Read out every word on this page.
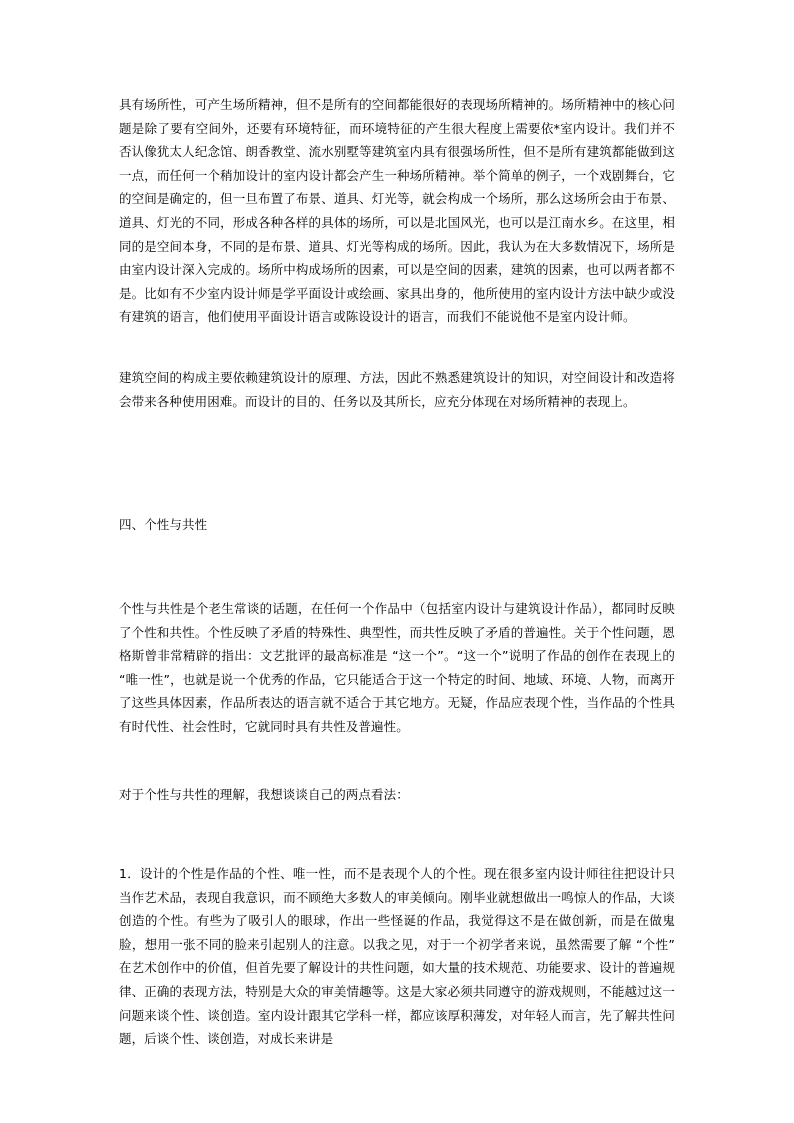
具有场所性，可产生场所精神，但不是所有的空间都能很好的表现场所精神的。场所精神中的核心问题是除了要有空间外，还要有环境特征，而环境特征的产生很大程度上需要依*室内设计。我们并不否认像犹太人纪念馆、朗香教堂、流水别墅等建筑室内具有很强场所性，但不是所有建筑都能做到这一点，而任何一个稍加设计的室内设计都会产生一种场所精神。举个简单的例子，一个戏剧舞台，它的空间是确定的，但一旦布置了布景、道具、灯光等，就会构成一个场所，那么这场所会由于布景、道具、灯光的不同，形成各种各样的具体的场所，可以是北国风光，也可以是江南水乡。在这里，相同的是空间本身，不同的是布景、道具、灯光等构成的场所。因此，我认为在大多数情况下，场所是由室内设计深入完成的。场所中构成场所的因素，可以是空间的因素，建筑的因素，也可以两者都不是。比如有不少室内设计师是学平面设计或绘画、家具出身的，他所使用的室内设计方法中缺少或没有建筑的语言，他们使用平面设计语言或陈设设计的语言，而我们不能说他不是室内设计师。

建筑空间的构成主要依赖建筑设计的原理、方法，因此不熟悉建筑设计的知识，对空间设计和改造将会带来各种使用困难。而设计的目的、任务以及其所长，应充分体现在对场所精神的表现上。

四、个性与共性

个性与共性是个老生常谈的话题，在任何一个作品中（包括室内设计与建筑设计作品），都同时反映了个性和共性。个性反映了矛盾的特殊性、典型性，而共性反映了矛盾的普遍性。关于个性问题，恩格斯曾非常精辟的指出：文艺批评的最高标准是 “这一个”。“这一个”说明了作品的创作在表现上的 “唯一性”，也就是说一个优秀的作品，它只能适合于这一个特定的时间、地域、环境、人物，而离开了这些具体因素，作品所表达的语言就不适合于其它地方。无疑，作品应表现个性，当作品的个性具有时代性、社会性时，它就同时具有共性及普遍性。

对于个性与共性的理解，我想谈谈自己的两点看法：

1．设计的个性是作品的个性、唯一性，而不是表现个人的个性。现在很多室内设计师往往把设计只当作艺术品，表现自我意识，而不顾绝大多数人的审美倾向。刚毕业就想做出一鸣惊人的作品，大谈创造的个性。有些为了吸引人的眼球，作出一些怪诞的作品，我觉得这不是在做创新，而是在做鬼脸，想用一张不同的脸来引起别人的注意。以我之见，对于一个初学者来说，虽然需要了解 “个性” 在艺术创作中的价值，但首先要了解设计的共性问题，如大量的技术规范、功能要求、设计的普遍规律、正确的表现方法，特别是大众的审美情趣等。这是大家必须共同遵守的游戏规则，不能越过这一问题来谈个性、谈创造。室内设计跟其它学科一样，都应该厚积薄发，对年轻人而言，先了解共性问题，后谈个性、谈创造，对成长来讲是
